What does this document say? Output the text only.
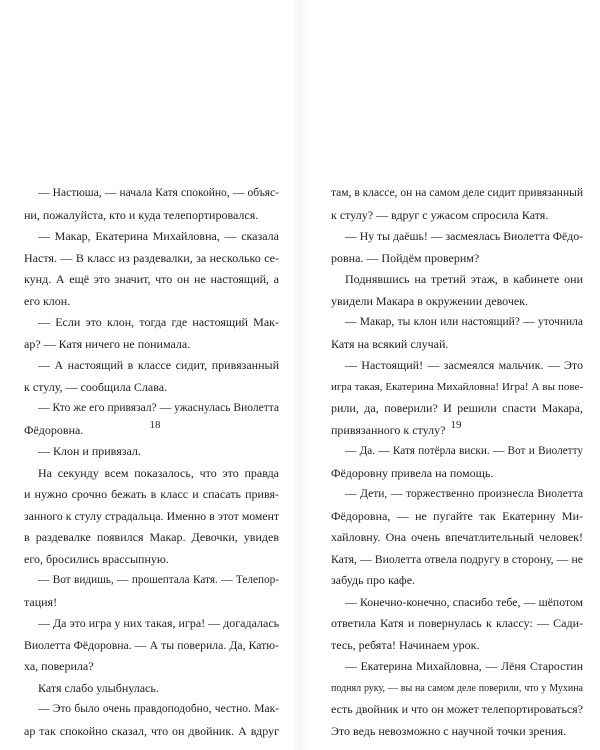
— Настюша, — начала Катя спокойно, — объяс-
ни, пожалуйста, кто и куда телепортировался.
— Макар, Екатерина Михайловна, — сказала
Настя. — В класс из раздевалки, за несколько се-
кунд. А ещё это значит, что он не настоящий, а
его клон.
— Если это клон, тогда где настоящий Мак-
ар? — Катя ничего не понимала.
— А настоящий в классе сидит, привязанный
к стулу, — сообщила Слава.
— Кто же его привязал? — ужаснулась Виолетта
Фёдоровна.
— Клон и привязал.
На секунду всем показалось, что это правда
и нужно срочно бежать в класс и спасать привя-
занного к стулу страдальца. Именно в этот момент
в раздевалке появился Макар. Девочки, увидев
его, бросились врассыпную.
— Вот видишь, — прошептала Катя. — Телепор-
тация!
— Да это игра у них такая, игра! — догадалась
Виолетта Фёдоровна. — А ты поверила. Да, Катю-
ха, поверила?
Катя слабо улыбнулась.
— Это было очень правдоподобно, честно. Мак-
ар так спокойно сказал, что он двойник. А вдруг
18
там, в классе, он на самом деле сидит привязанный
к стулу? — вдруг с ужасом спросила Катя.
— Ну ты даёшь! — засмеялась Виолетта Фёдо-
ровна. — Пойдём проверим?
Поднявшись на третий этаж, в кабинете они
увидели Макара в окружении девочек.
— Макар, ты клон или настоящий? — уточнила
Катя на всякий случай.
— Настоящий! — засмеялся мальчик. — Это
игра такая, Екатерина Михайловна! Игра! А вы пове-
рили, да, поверили? И решили спасти Макара,
привязанного к стулу?
— Да. — Катя потёрла виски. — Вот и Виолетту
Фёдоровну привела на помощь.
— Дети, — торжественно произнесла Виолетта
Фёдоровна, — не пугайте так Екатерину Ми-
хайловну. Она очень впечатлительный человек!
Катя, — Виолетта отвела подругу в сторону, — не
забудь про кафе.
— Конечно-конечно, спасибо тебе, — шёпотом
ответила Катя и повернулась к классу: — Сади-
тесь, ребята! Начинаем урок.
— Екатерина Михайловна, — Лёня Старостин
поднял руку, — вы на самом деле поверили, что у Мухина
есть двойник и что он может телепортироваться?
Это ведь невозможно с научной точки зрения.
19
